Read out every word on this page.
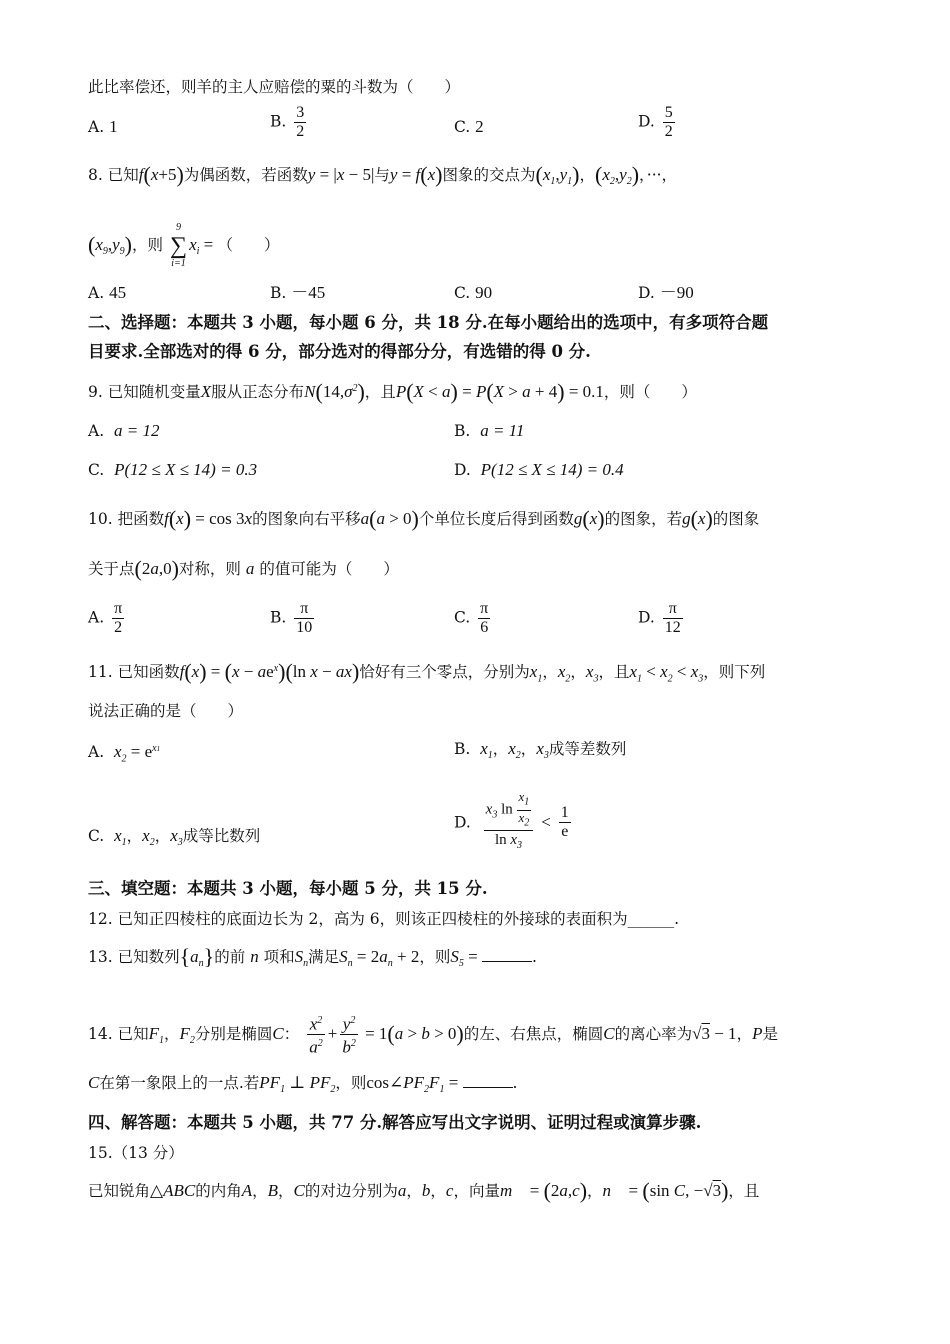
此比率偿还，则羊的主人应赔偿的粟的斗数为（　　）
A. 1	B. $\frac{3}{2}$	C. 2	D. $\frac{5}{2}$
8. 已知f(x+5)为偶函数，若函数y = |x − 5|与y = f(x)图象的交点为$(x_1,y_1)$，$(x_2,y_2)$，···，
$(x_9,y_9)$，则
9
∑
i=1
$x_i$ = （　　）
A. 45	B. －45	C. 90	D. －90
二、选择题：本题共 3 小题，每小题 6 分，共 18 分.在每小题给出的选项中，有多项符合题
目要求.全部选对的得 6 分，部分选对的得部分分，有选错的得 0 分.
9. 已知随机变量X服从正态分布$N(14,\sigma^2)$，且P(X < a) = P(X > a + 4) = 0.1，则（　　）
A. a = 12	B. a = 11
C. P(12 ≤ X ≤ 14) = 0.3	D. P(12 ≤ X ≤ 14) = 0.4
10. 把函数f(x) = cos 3x的图象向右平移a(a > 0)个单位长度后得到函数g(x)的图象，若g(x)的图象
关于点(2a,0)对称，则 a 的值可能为（　　）
A. $\frac{\pi}{2}$	B. $\frac{\pi}{10}$	C. $\frac{\pi}{6}$	D. $\frac{\pi}{12}$
11. 已知函数$f(x) = (x - ae^x)(\ln$ x − ax)恰好有三个零点，分别为$x_1$，$x_2$，$x_3$，且$x_1 < x_2 < x_3$，则下列
说法正确的是（　　）
A. $x_2 = e^{x1}$	B. $x_1$，$x_2$，$x_3$成等差数列
C. $x_1$，$x_2$，$x_3$成等比数列
D. $\frac{x_3 \ln \frac{x_1}{x_2}}{\ln x_3} < \frac{1}{e}$
三、填空题：本题共 3 小题，每小题 5 分，共 15 分.
12. 已知正四棱柱的底面边长为 2，高为 6，则该正四棱柱的外接球的表面积为______.
13. 已知数列$\{a_n\}$的前 n 项和$S_n$满足$S_n = 2a_n + 2$，则$S_5$ =	.
14. 已知$F_1$，$F_2$分别是椭圆C： $\frac{x^2}{a^2} + \frac{y^2}{b^2} = 1(a > b > 0)$的左、右焦点，椭圆C的离心率为√3 − 1，P是
C在第一象限上的一点.若$PF_1$ ⊥ $PF_2$，则$\cos\angle PF_2F_1$ =	.
四、解答题：本题共 5 小题，共 77 分.解答应写出文字说明、证明过程或演算步骤.
15.（13 分）
已知锐角△ABC的内角A，B，C的对边分别为a，b，c，向量m⃗ = (2a,c)，n⃗ = (sin C, −√3)，且
